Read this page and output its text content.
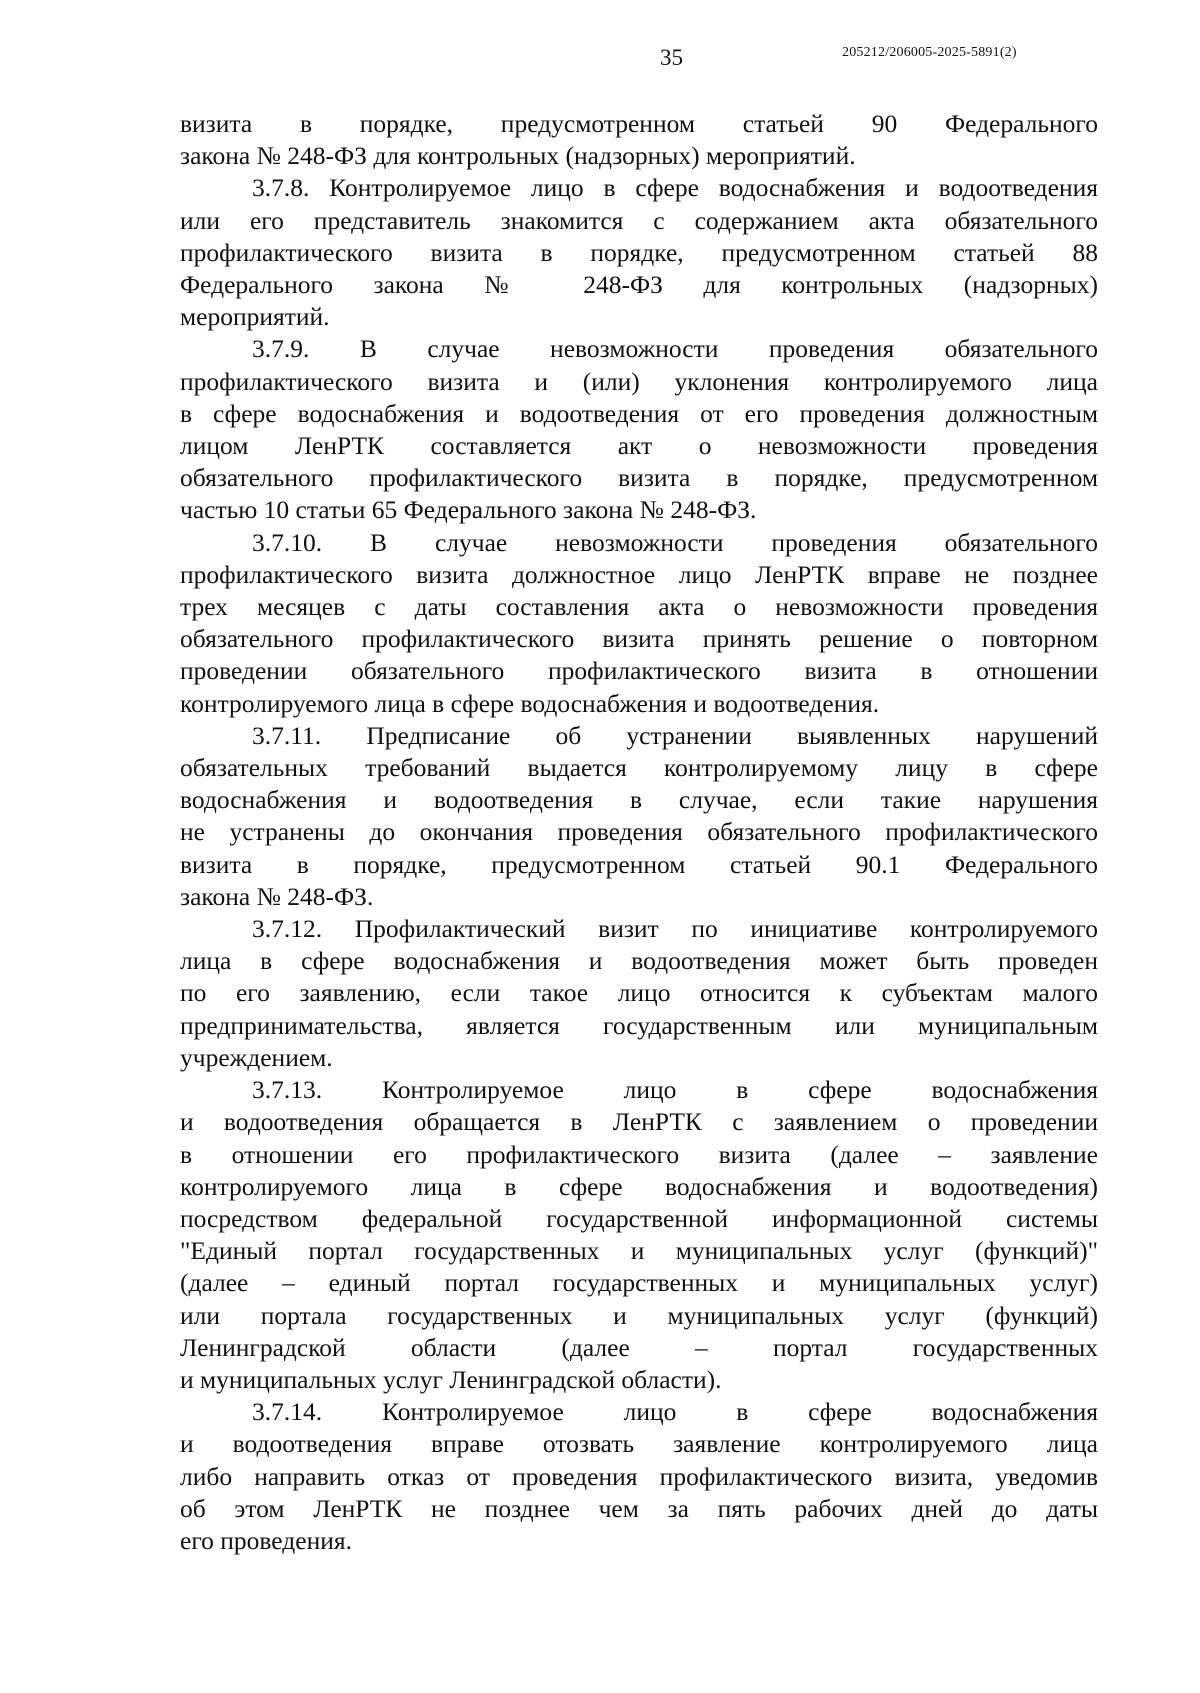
35	205212/206005-2025-5891(2)
визита в порядке, предусмотренном статьей 90 Федерального
закона № 248-ФЗ для контрольных (надзорных) мероприятий.
3.7.8. Контролируемое лицо в сфере водоснабжения и водоотведения
или его представитель знакомится с содержанием акта обязательного
профилактического визита в порядке, предусмотренном статьей 88
Федерального закона № 248-ФЗ для контрольных (надзорных)
мероприятий.
3.7.9. В случае невозможности проведения обязательного
профилактического визита и (или) уклонения контролируемого лица
в сфере водоснабжения и водоотведения от его проведения должностным
лицом ЛенРТК составляется акт о невозможности проведения
обязательного профилактического визита в порядке, предусмотренном
частью 10 статьи 65 Федерального закона № 248-ФЗ.
3.7.10. В случае невозможности проведения обязательного
профилактического визита должностное лицо ЛенРТК вправе не позднее
трех месяцев с даты составления акта о невозможности проведения
обязательного профилактического визита принять решение о повторном
проведении обязательного профилактического визита в отношении
контролируемого лица в сфере водоснабжения и водоотведения.
3.7.11. Предписание об устранении выявленных нарушений
обязательных требований выдается контролируемому лицу в сфере
водоснабжения и водоотведения в случае, если такие нарушения
не устранены до окончания проведения обязательного профилактического
визита в порядке, предусмотренном статьей 90.1 Федерального
закона № 248-ФЗ.
3.7.12. Профилактический визит по инициативе контролируемого
лица в сфере водоснабжения и водоотведения может быть проведен
по его заявлению, если такое лицо относится к субъектам малого
предпринимательства, является государственным или муниципальным
учреждением.
3.7.13. Контролируемое лицо в сфере водоснабжения
и водоотведения обращается в ЛенРТК с заявлением о проведении
в отношении его профилактического визита (далее – заявление
контролируемого лица в сфере водоснабжения и водоотведения)
посредством федеральной государственной информационной системы
"Единый портал государственных и муниципальных услуг (функций)"
(далее – единый портал государственных и муниципальных услуг)
или портала государственных и муниципальных услуг (функций)
Ленинградской области (далее – портал государственных
и муниципальных услуг Ленинградской области).
3.7.14. Контролируемое лицо в сфере водоснабжения
и водоотведения вправе отозвать заявление контролируемого лица
либо направить отказ от проведения профилактического визита, уведомив
об этом ЛенРТК не позднее чем за пять рабочих дней до даты
его проведения.
